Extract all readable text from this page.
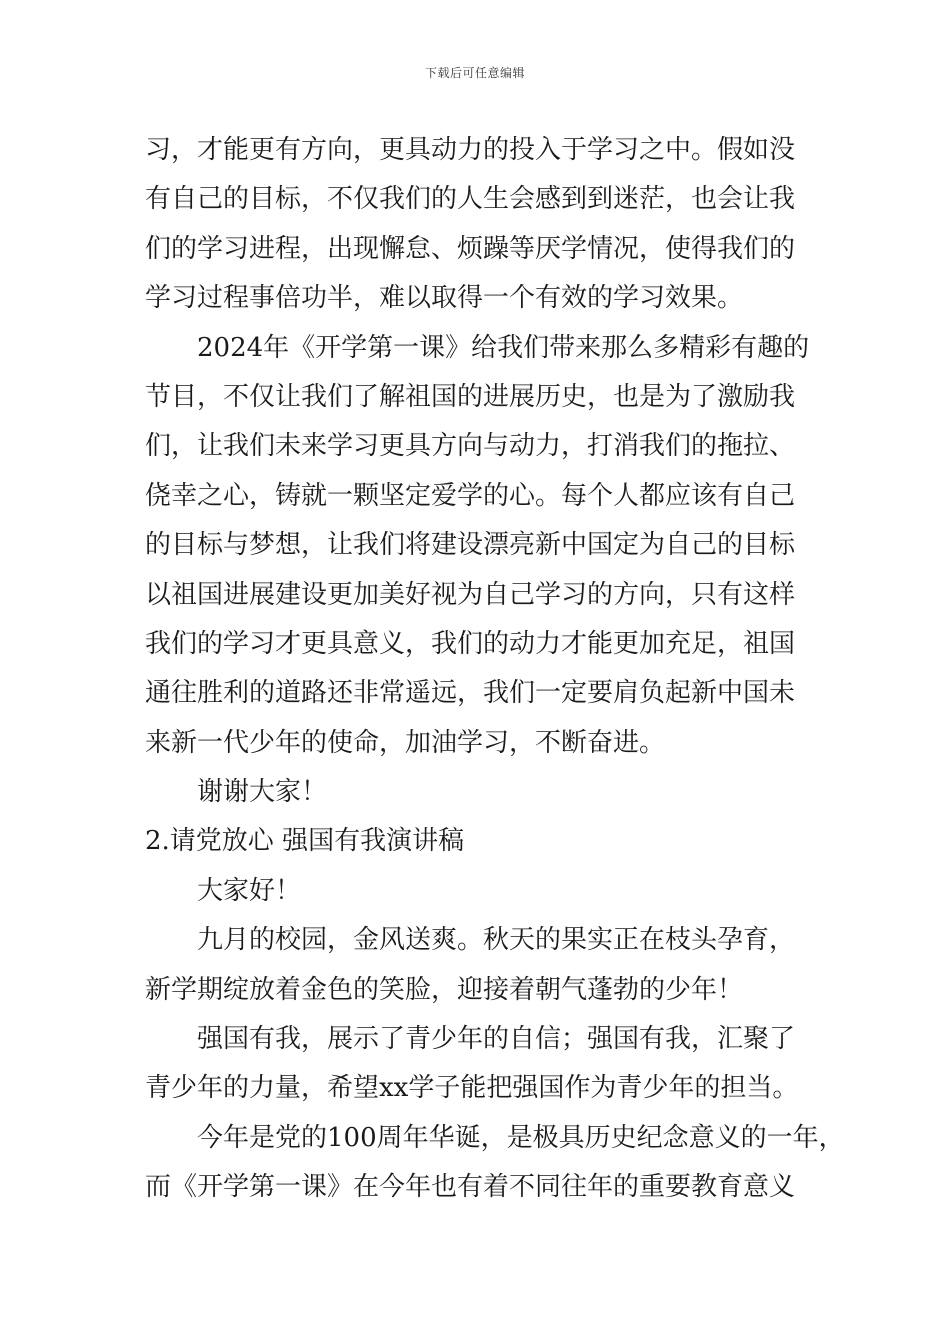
下载后可任意编辑
习，才能更有方向，更具动力的投入于学习之中。假如没
有自己的目标，不仅我们的人生会感到到迷茫，也会让我
们的学习进程，出现懈怠、烦躁等厌学情况，使得我们的
学习过程事倍功半，难以取得一个有效的学习效果。
2024年《开学第一课》给我们带来那么多精彩有趣的
节目，不仅让我们了解祖国的进展历史，也是为了激励我
们，让我们未来学习更具方向与动力，打消我们的拖拉、
侥幸之心，铸就一颗坚定爱学的心。每个人都应该有自己
的目标与梦想，让我们将建设漂亮新中国定为自己的目标
以祖国进展建设更加美好视为自己学习的方向，只有这样
我们的学习才更具意义，我们的动力才能更加充足，祖国
通往胜利的道路还非常遥远，我们一定要肩负起新中国未
来新一代少年的使命，加油学习，不断奋进。
谢谢大家！
2.请党放心 强国有我演讲稿
大家好！
九月的校园，金风送爽。秋天的果实正在枝头孕育，
新学期绽放着金色的笑脸，迎接着朝气蓬勃的少年！
强国有我，展示了青少年的自信；强国有我，汇聚了
青少年的力量，希望xx学子能把强国作为青少年的担当。
今年是党的100周年华诞，是极具历史纪念意义的一年，
而《开学第一课》在今年也有着不同往年的重要教育意义
